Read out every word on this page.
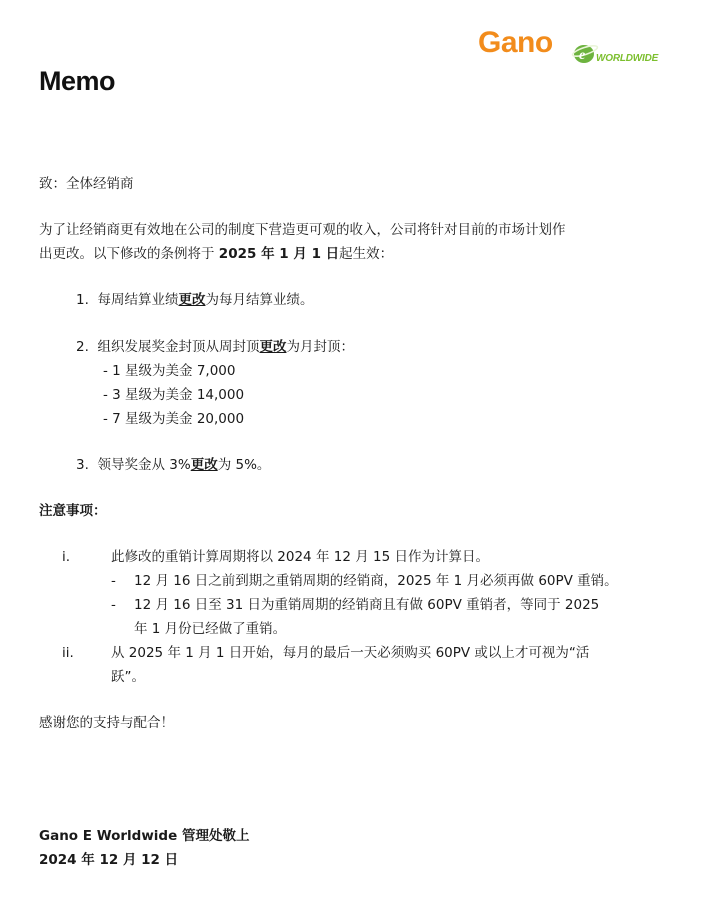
Gano e WORLDWIDE
Memo
致：全体经销商
为了让经销商更有效地在公司的制度下营造更可观的收入，公司将针对目前的市场计划作
出更改。以下修改的条例将于 2025 年 1 月 1 日起生效：
1. 每周结算业绩更改为每月结算业绩。
2. 组织发展奖金封顶从周封顶更改为月封顶：
- 1 星级为美金 7,000
- 3 星级为美金 14,000
- 7 星级为美金 20,000
3. 领导奖金从 3%更改为 5%。
注意事项：
i.	此修改的重销计算周期将以 2024 年 12 月 15 日作为计算日。
- 12 月 16 日之前到期之重销周期的经销商，2025 年 1 月必须再做 60PV 重销。
- 12 月 16 日至 31 日为重销周期的经销商且有做 60PV 重销者，等同于 2025
年 1 月份已经做了重销。
ii.	从 2025 年 1 月 1 日开始，每月的最后一天必须购买 60PV 或以上才可视为“活
跃”。
感谢您的支持与配合！
Gano E Worldwide 管理处敬上
2024 年 12 月 12 日
